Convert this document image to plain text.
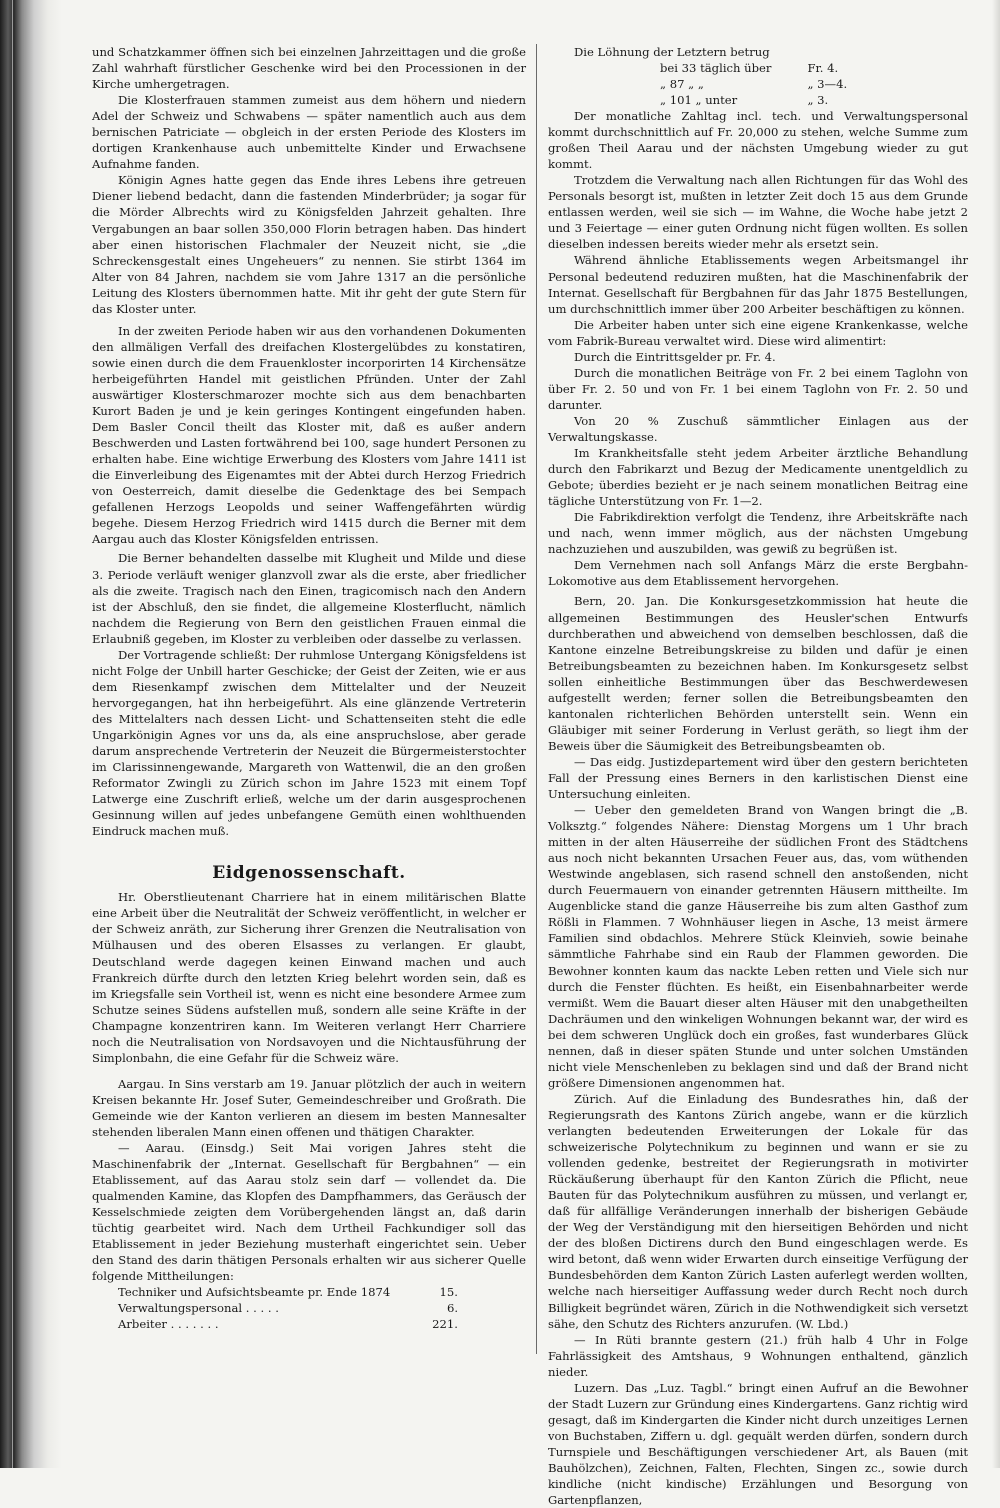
und Schatzkammer öffnen sich bei einzelnen Jahrzeittagen und die große Zahl wahrhaft fürstlicher Geschenke wird bei den Processionen in der Kirche umhergetragen.

Die Klosterfrauen stammen zumeist aus dem höhern und niedern Adel der Schweiz und Schwabens — später namentlich auch aus dem bernischen Patriciate — obgleich in der ersten Periode des Klosters im dortigen Krankenhause auch unbemittelte Kinder und Erwachsene Aufnahme fanden.

Königin Agnes hatte gegen das Ende ihres Lebens ihre getreuen Diener liebend bedacht, dann die fastenden Minderbrüder; ja sogar für die Mörder Albrechts wird zu Königsfelden Jahrzeit gehalten. Ihre Vergabungen an baar sollen 350,000 Florin betragen haben. Das hindert aber einen historischen Flachmaler der Neuzeit nicht, sie „die Schreckensgestalt eines Ungeheuers“ zu nennen. Sie stirbt 1364 im Alter von 84 Jahren, nachdem sie vom Jahre 1317 an die persönliche Leitung des Klosters übernommen hatte. Mit ihr geht der gute Stern für das Kloster unter.

In der zweiten Periode haben wir aus den vorhandenen Dokumenten den allmäligen Verfall des dreifachen Klostergelübdes zu konstatiren, sowie einen durch die dem Frauenkloster incorporirten 14 Kirchensätze herbeigeführten Handel mit geistlichen Pfründen. Unter der Zahl auswärtiger Klosterschmarozer mochte sich aus dem benachbarten Kurort Baden je und je kein geringes Kontingent eingefunden haben. Dem Basler Concil theilt das Kloster mit, daß es außer andern Beschwerden und Lasten fortwährend bei 100, sage hundert Personen zu erhalten habe. Eine wichtige Erwerbung des Klosters vom Jahre 1411 ist die Einverleibung des Eigenamtes mit der Abtei durch Herzog Friedrich von Oesterreich, damit dieselbe die Gedenktage des bei Sempach gefallenen Herzogs Leopolds und seiner Waffengefährten würdig begehe. Diesem Herzog Friedrich wird 1415 durch die Berner mit dem Aargau auch das Kloster Königsfelden entrissen.

Die Berner behandelten dasselbe mit Klugheit und Milde und diese 3. Periode verläuft weniger glanzvoll zwar als die erste, aber friedlicher als die zweite. Tragisch nach den Einen, tragicomisch nach den Andern ist der Abschluß, den sie findet, die allgemeine Klosterflucht, nämlich nachdem die Regierung von Bern den geistlichen Frauen einmal die Erlaubniß gegeben, im Kloster zu verbleiben oder dasselbe zu verlassen.

Der Vortragende schließt: Der ruhmlose Untergang Königsfeldens ist nicht Folge der Unbill harter Geschicke; der Geist der Zeiten, wie er aus dem Riesenkampf zwischen dem Mittelalter und der Neuzeit hervorgegangen, hat ihn herbeigeführt. Als eine glänzende Vertreterin des Mittelalters nach dessen Licht- und Schattenseiten steht die edle Ungarkönigin Agnes vor uns da, als eine anspruchslose, aber gerade darum ansprechende Vertreterin der Neuzeit die Bürgermeisterstochter im Clarissinnengewande, Margareth von Wattenwil, die an den großen Reformator Zwingli zu Zürich schon im Jahre 1523 mit einem Topf Latwerge eine Zuschrift erließ, welche um der darin ausgesprochenen Gesinnung willen auf jedes unbefangene Gemüth einen wohlthuenden Eindruck machen muß.

Eidgenossenschaft.

Hr. Oberstlieutenant Charriere hat in einem militärischen Blatte eine Arbeit über die Neutralität der Schweiz veröffentlicht, in welcher er der Schweiz anräth, zur Sicherung ihrer Grenzen die Neutralisation von Mülhausen und des oberen Elsasses zu verlangen. Er glaubt, Deutschland werde dagegen keinen Einwand machen und auch Frankreich dürfte durch den letzten Krieg belehrt worden sein, daß es im Kriegsfalle sein Vortheil ist, wenn es nicht eine besondere Armee zum Schutze seines Südens aufstellen muß, sondern alle seine Kräfte in der Champagne konzentriren kann. Im Weiteren verlangt Herr Charriere noch die Neutralisation von Nordsavoyen und die Nichtausführung der Simplonbahn, die eine Gefahr für die Schweiz wäre.

Aargau. In Sins verstarb am 19. Januar plötzlich der auch in weitern Kreisen bekannte Hr. Josef Suter, Gemeindeschreiber und Großrath. Die Gemeinde wie der Kanton verlieren an diesem im besten Mannesalter stehenden liberalen Mann einen offenen und thätigen Charakter.

— Aarau. (Einsdg.) Seit Mai vorigen Jahres steht die Maschinenfabrik der „Internat. Gesellschaft für Bergbahnen“ — ein Etablissement, auf das Aarau stolz sein darf — vollendet da. Die qualmenden Kamine, das Klopfen des Dampfhammers, das Geräusch der Kesselschmiede zeigten dem Vorübergehenden längst an, daß darin tüchtig gearbeitet wird. Nach dem Urtheil Fachkundiger soll das Etablissement in jeder Beziehung musterhaft eingerichtet sein. Ueber den Stand des darin thätigen Personals erhalten wir aus sicherer Quelle folgende Mittheilungen:

Techniker und Aufsichtsbeamte pr. Ende 1874	15.
Verwaltungspersonal . . . . .	6.
Arbeiter . . . . . . .	221.

Die Löhnung der Letztern betrug

bei 33 täglich über	Fr. 4.
„ 87 „ „	„ 3—4.
„ 101 „ unter	„ 3.

Der monatliche Zahltag incl. tech. und Verwaltungspersonal kommt durchschnittlich auf Fr. 20,000 zu stehen, welche Summe zum großen Theil Aarau und der nächsten Umgebung wieder zu gut kommt.

Trotzdem die Verwaltung nach allen Richtungen für das Wohl des Personals besorgt ist, mußten in letzter Zeit doch 15 aus dem Grunde entlassen werden, weil sie sich — im Wahne, die Woche habe jetzt 2 und 3 Feiertage — einer guten Ordnung nicht fügen wollten. Es sollen dieselben indessen bereits wieder mehr als ersetzt sein.

Während ähnliche Etablissements wegen Arbeitsmangel ihr Personal bedeutend reduziren mußten, hat die Maschinenfabrik der Internat. Gesellschaft für Bergbahnen für das Jahr 1875 Bestellungen, um durchschnittlich immer über 200 Arbeiter beschäftigen zu können.

Die Arbeiter haben unter sich eine eigene Krankenkasse, welche vom Fabrik-Bureau verwaltet wird. Diese wird alimentirt:

Durch die Eintrittsgelder pr. Fr. 4.

Durch die monatlichen Beiträge von Fr. 2 bei einem Taglohn von über Fr. 2. 50 und von Fr. 1 bei einem Taglohn von Fr. 2. 50 und darunter.

Von 20 % Zuschuß sämmtlicher Einlagen aus der Verwaltungskasse.

Im Krankheitsfalle steht jedem Arbeiter ärztliche Behandlung durch den Fabrikarzt und Bezug der Medicamente unentgeldlich zu Gebote; überdies bezieht er je nach seinem monatlichen Beitrag eine tägliche Unterstützung von Fr. 1—2.

Die Fabrikdirektion verfolgt die Tendenz, ihre Arbeitskräfte nach und nach, wenn immer möglich, aus der nächsten Umgebung nachzuziehen und auszubilden, was gewiß zu begrüßen ist.

Dem Vernehmen nach soll Anfangs März die erste Bergbahn-Lokomotive aus dem Etablissement hervorgehen.

Bern, 20. Jan. Die Konkursgesetzkommission hat heute die allgemeinen Bestimmungen des Heusler'schen Entwurfs durchberathen und abweichend von demselben beschlossen, daß die Kantone einzelne Betreibungskreise zu bilden und dafür je einen Betreibungsbeamten zu bezeichnen haben. Im Konkursgesetz selbst sollen einheitliche Bestimmungen über das Beschwerdewesen aufgestellt werden; ferner sollen die Betreibungsbeamten den kantonalen richterlichen Behörden unterstellt sein. Wenn ein Gläubiger mit seiner Forderung in Verlust geräth, so liegt ihm der Beweis über die Säumigkeit des Betreibungsbeamten ob.

— Das eidg. Justizdepartement wird über den gestern berichteten Fall der Pressung eines Berners in den karlistischen Dienst eine Untersuchung einleiten.

— Ueber den gemeldeten Brand von Wangen bringt die „B. Volksztg.“ folgendes Nähere: Dienstag Morgens um 1 Uhr brach mitten in der alten Häuserreihe der südlichen Front des Städtchens aus noch nicht bekannten Ursachen Feuer aus, das, vom wüthenden Westwinde angeblasen, sich rasend schnell den anstoßenden, nicht durch Feuermauern von einander getrennten Häusern mittheilte. Im Augenblicke stand die ganze Häuserreihe bis zum alten Gasthof zum Rößli in Flammen. 7 Wohnhäuser liegen in Asche, 13 meist ärmere Familien sind obdachlos. Mehrere Stück Kleinvieh, sowie beinahe sämmtliche Fahrhabe sind ein Raub der Flammen geworden. Die Bewohner konnten kaum das nackte Leben retten und Viele sich nur durch die Fenster flüchten. Es heißt, ein Eisenbahnarbeiter werde vermißt. Wem die Bauart dieser alten Häuser mit den unabgetheilten Dachräumen und den winkeligen Wohnungen bekannt war, der wird es bei dem schweren Unglück doch ein großes, fast wunderbares Glück nennen, daß in dieser späten Stunde und unter solchen Umständen nicht viele Menschenleben zu beklagen sind und daß der Brand nicht größere Dimensionen angenommen hat.

Zürich. Auf die Einladung des Bundesrathes hin, daß der Regierungsrath des Kantons Zürich angebe, wann er die kürzlich verlangten bedeutenden Erweiterungen der Lokale für das schweizerische Polytechnikum zu beginnen und wann er sie zu vollenden gedenke, bestreitet der Regierungsrath in motivirter Rückäußerung überhaupt für den Kanton Zürich die Pflicht, neue Bauten für das Polytechnikum ausführen zu müssen, und verlangt er, daß für allfällige Veränderungen innerhalb der bisherigen Gebäude der Weg der Verständigung mit den hierseitigen Behörden und nicht der des bloßen Dictirens durch den Bund eingeschlagen werde. Es wird betont, daß wenn wider Erwarten durch einseitige Verfügung der Bundesbehörden dem Kanton Zürich Lasten auferlegt werden wollten, welche nach hierseitiger Auffassung weder durch Recht noch durch Billigkeit begründet wären, Zürich in die Nothwendigkeit sich versetzt sähe, den Schutz des Richters anzurufen. (W. Lbd.)

— In Rüti brannte gestern (21.) früh halb 4 Uhr in Folge Fahrlässigkeit des Amtshaus, 9 Wohnungen enthaltend, gänzlich nieder.

Luzern. Das „Luz. Tagbl.“ bringt einen Aufruf an die Bewohner der Stadt Luzern zur Gründung eines Kindergartens. Ganz richtig wird gesagt, daß im Kindergarten die Kinder nicht durch unzeitiges Lernen von Buchstaben, Ziffern u. dgl. gequält werden dürfen, sondern durch Turnspiele und Beschäftigungen verschiedener Art, als Bauen (mit Bauhölzchen), Zeichnen, Falten, Flechten, Singen zc., sowie durch kindliche (nicht kindische) Erzählungen und Besorgung von Gartenpflanzen,
